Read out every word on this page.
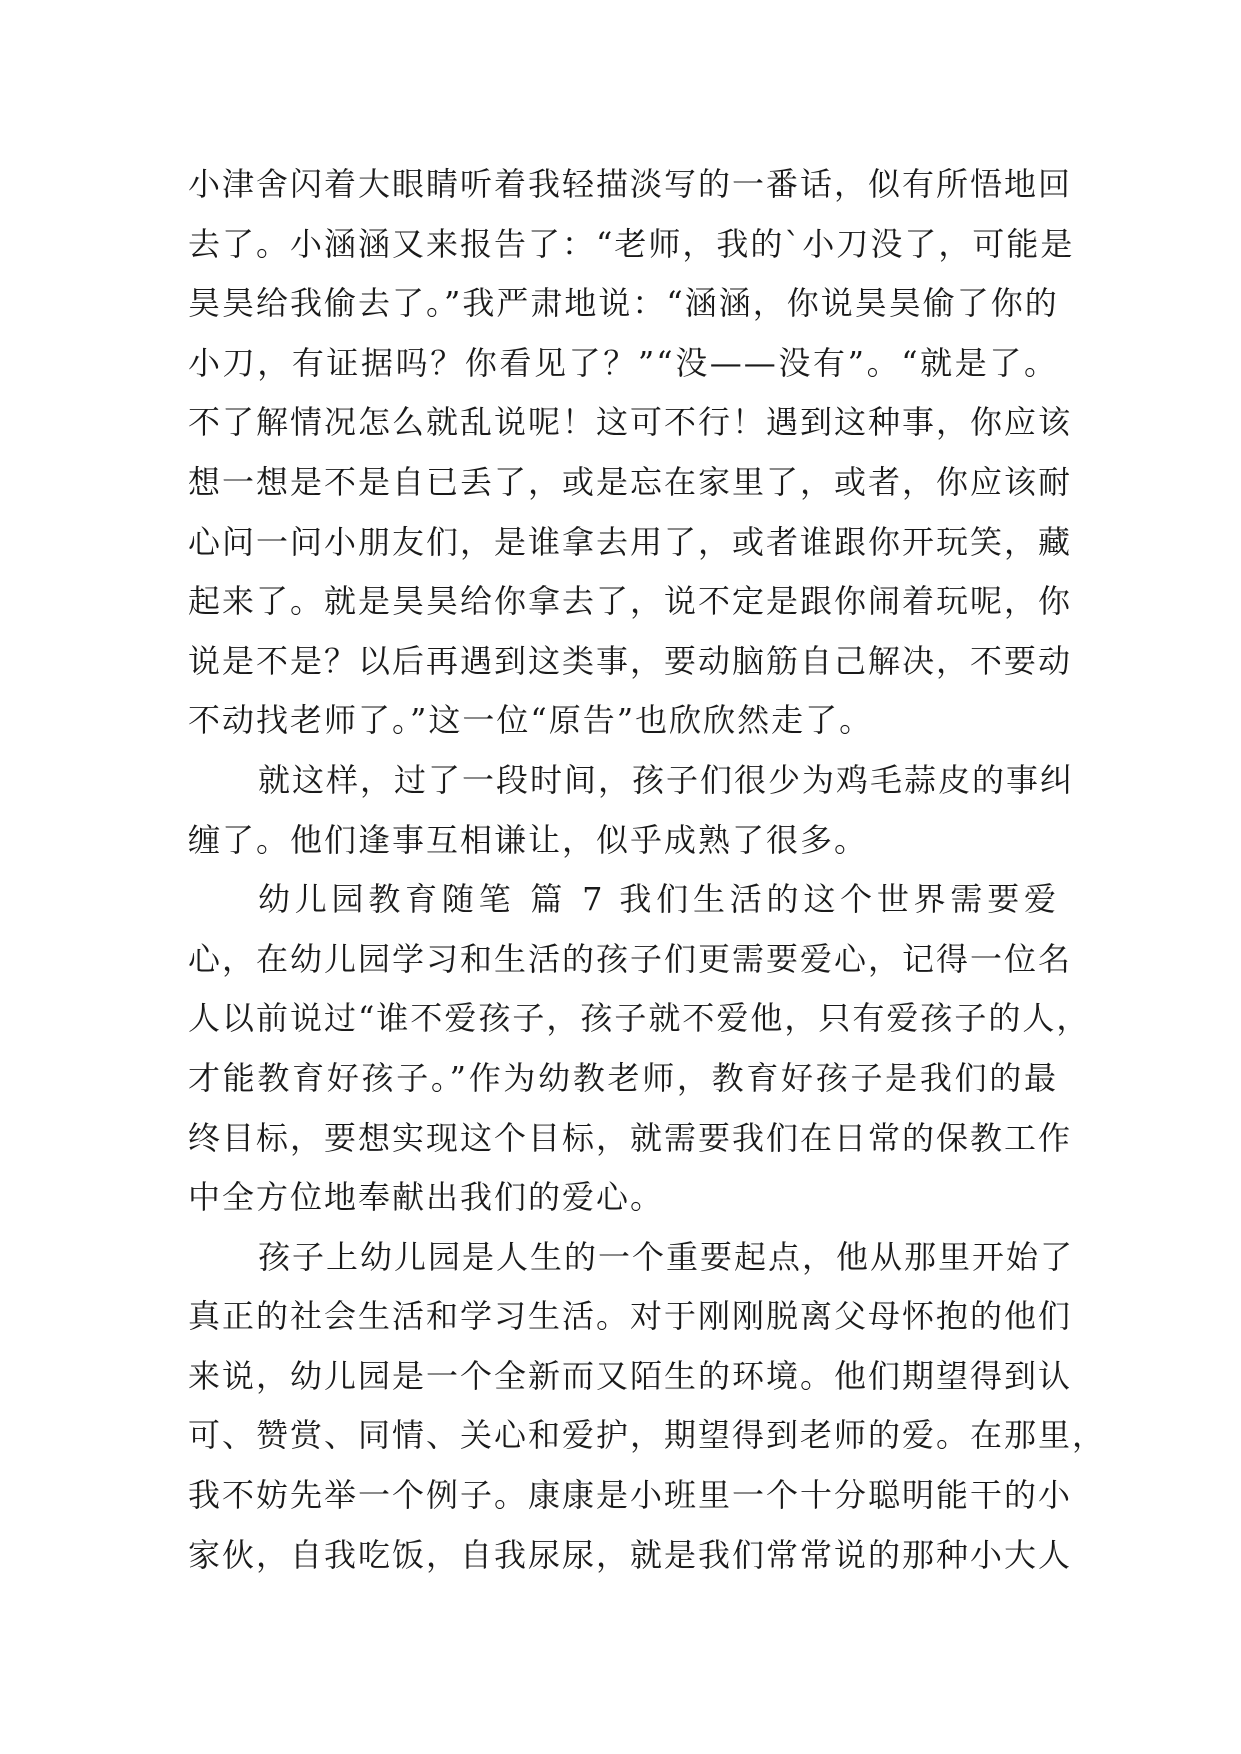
小津舍闪着大眼睛听着我轻描淡写的一番话，似有所悟地回
去了。小涵涵又来报告了：“老师，我的`小刀没了，可能是
昊昊给我偷去了。”我严肃地说：“涵涵，你说昊昊偷了你的
小刀，有证据吗？你看见了？”“没——没有”。“就是了。
不了解情况怎么就乱说呢！这可不行！遇到这种事，你应该
想一想是不是自已丢了，或是忘在家里了，或者，你应该耐
心问一问小朋友们，是谁拿去用了，或者谁跟你开玩笑，藏
起来了。就是昊昊给你拿去了，说不定是跟你闹着玩呢，你
说是不是？以后再遇到这类事，要动脑筋自己解决，不要动
不动找老师了。”这一位“原告”也欣欣然走了。
就这样，过了一段时间，孩子们很少为鸡毛蒜皮的事纠
缠了。他们逢事互相谦让，似乎成熟了很多。
幼儿园教育随笔 篇 7 我们生活的这个世界需要爱
心，在幼儿园学习和生活的孩子们更需要爱心，记得一位名
人以前说过“谁不爱孩子，孩子就不爱他，只有爱孩子的人，
才能教育好孩子。”作为幼教老师，教育好孩子是我们的最
终目标，要想实现这个目标，就需要我们在日常的保教工作
中全方位地奉献出我们的爱心。
孩子上幼儿园是人生的一个重要起点，他从那里开始了
真正的社会生活和学习生活。对于刚刚脱离父母怀抱的他们
来说，幼儿园是一个全新而又陌生的环境。他们期望得到认
可、赞赏、同情、关心和爱护，期望得到老师的爱。在那里，
我不妨先举一个例子。康康是小班里一个十分聪明能干的小
家伙，自我吃饭，自我尿尿，就是我们常常说的那种小大人
